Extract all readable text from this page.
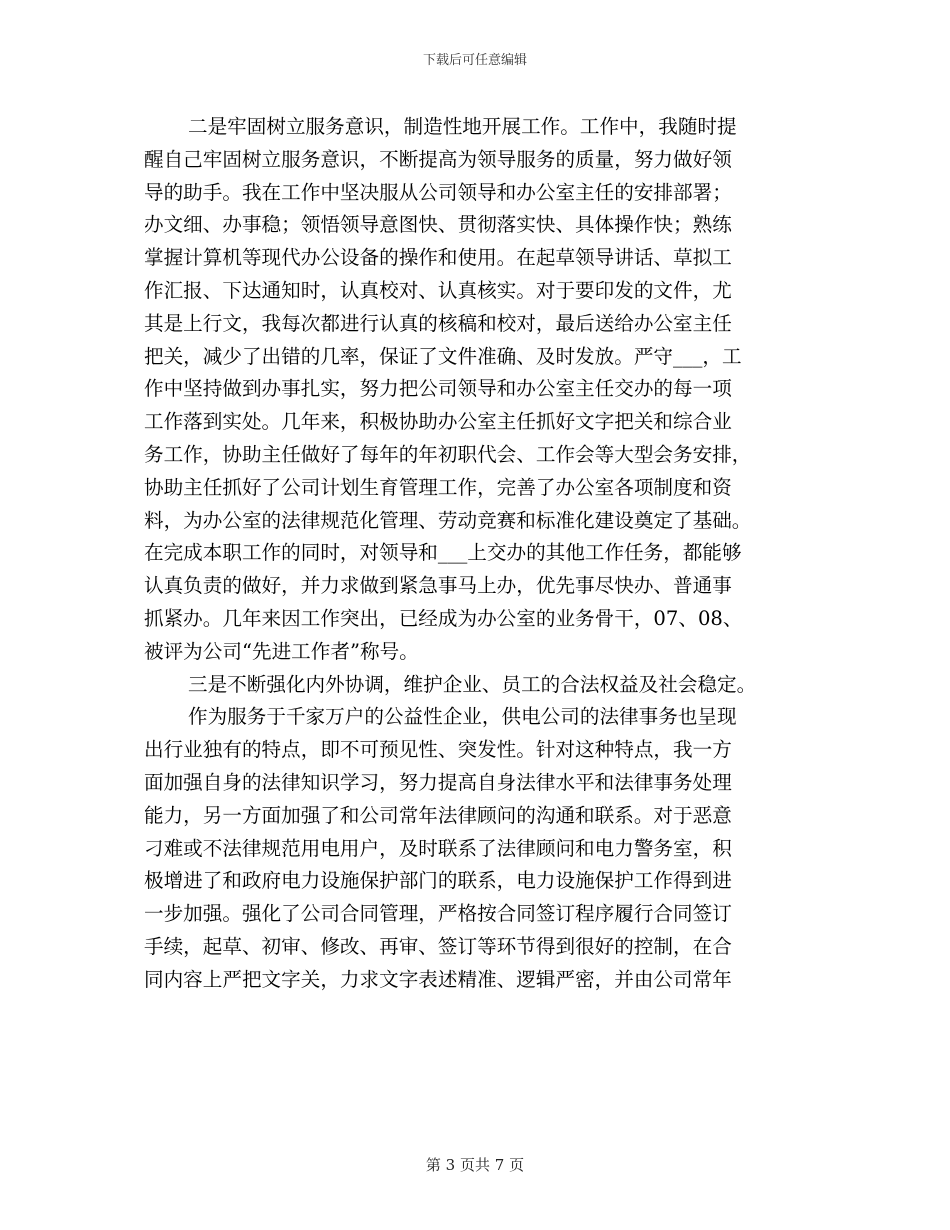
下载后可任意编辑
二是牢固树立服务意识，制造性地开展工作。工作中，我随时提
醒自己牢固树立服务意识，不断提高为领导服务的质量，努力做好领
导的助手。我在工作中坚决服从公司领导和办公室主任的安排部署；
办文细、办事稳；领悟领导意图快、贯彻落实快、具体操作快；熟练
掌握计算机等现代办公设备的操作和使用。在起草领导讲话、草拟工
作汇报、下达通知时，认真校对、认真核实。对于要印发的文件，尤
其是上行文，我每次都进行认真的核稿和校对，最后送给办公室主任
把关，减少了出错的几率，保证了文件准确、及时发放。严守___，工
作中坚持做到办事扎实，努力把公司领导和办公室主任交办的每一项
工作落到实处。几年来，积极协助办公室主任抓好文字把关和综合业
务工作，协助主任做好了每年的年初职代会、工作会等大型会务安排，
协助主任抓好了公司计划生育管理工作，完善了办公室各项制度和资
料，为办公室的法律规范化管理、劳动竞赛和标准化建设奠定了基础。
在完成本职工作的同时，对领导和___上交办的其他工作任务，都能够
认真负责的做好，并力求做到紧急事马上办，优先事尽快办、普通事
抓紧办。几年来因工作突出，已经成为办公室的业务骨干，07、08、
被评为公司“先进工作者”称号。
三是不断强化内外协调，维护企业、员工的合法权益及社会稳定。
作为服务于千家万户的公益性企业，供电公司的法律事务也呈现
出行业独有的特点，即不可预见性、突发性。针对这种特点，我一方
面加强自身的法律知识学习，努力提高自身法律水平和法律事务处理
能力，另一方面加强了和公司常年法律顾问的沟通和联系。对于恶意
刁难或不法律规范用电用户，及时联系了法律顾问和电力警务室，积
极增进了和政府电力设施保护部门的联系，电力设施保护工作得到进
一步加强。强化了公司合同管理，严格按合同签订程序履行合同签订
手续，起草、初审、修改、再审、签订等环节得到很好的控制，在合
同内容上严把文字关，力求文字表述精准、逻辑严密，并由公司常年
第 3 页共 7 页
